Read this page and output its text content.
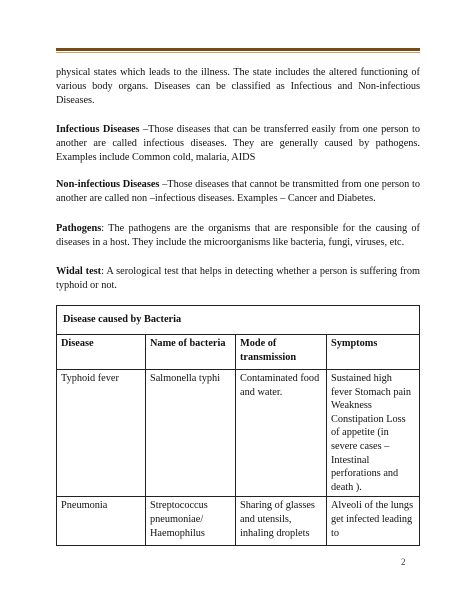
physical states which leads to the illness. The state includes the altered functioning of various body organs. Diseases can be classified as Infectious and Non-infectious Diseases.

Infectious Diseases –Those diseases that can be transferred easily from one person to another are called infectious diseases. They are generally caused by pathogens. Examples include Common cold, malaria, AIDS

Non-infectious Diseases –Those diseases that cannot be transmitted from one person to another are called non –infectious diseases. Examples – Cancer and Diabetes.

Pathogens: The pathogens are the organisms that are responsible for the causing of diseases in a host. They include the microorganisms like bacteria, fungi, viruses, etc.

Widal test: A serological test that helps in detecting whether a person is suffering from typhoid or not.

Disease caused by Bacteria			
Disease	Name of bacteria	Mode of transmission	Symptoms
Typhoid fever	Salmonella typhi	Contaminated food and water.	Sustained high fever Stomach pain Weakness Constipation Loss of appetite (in severe cases – Intestinal perforations and death ).
Pneumonia	Streptococcus pneumoniae/ Haemophilus	Sharing of glasses and utensils, inhaling droplets	Alveoli of the lungs get infected leading to
2
